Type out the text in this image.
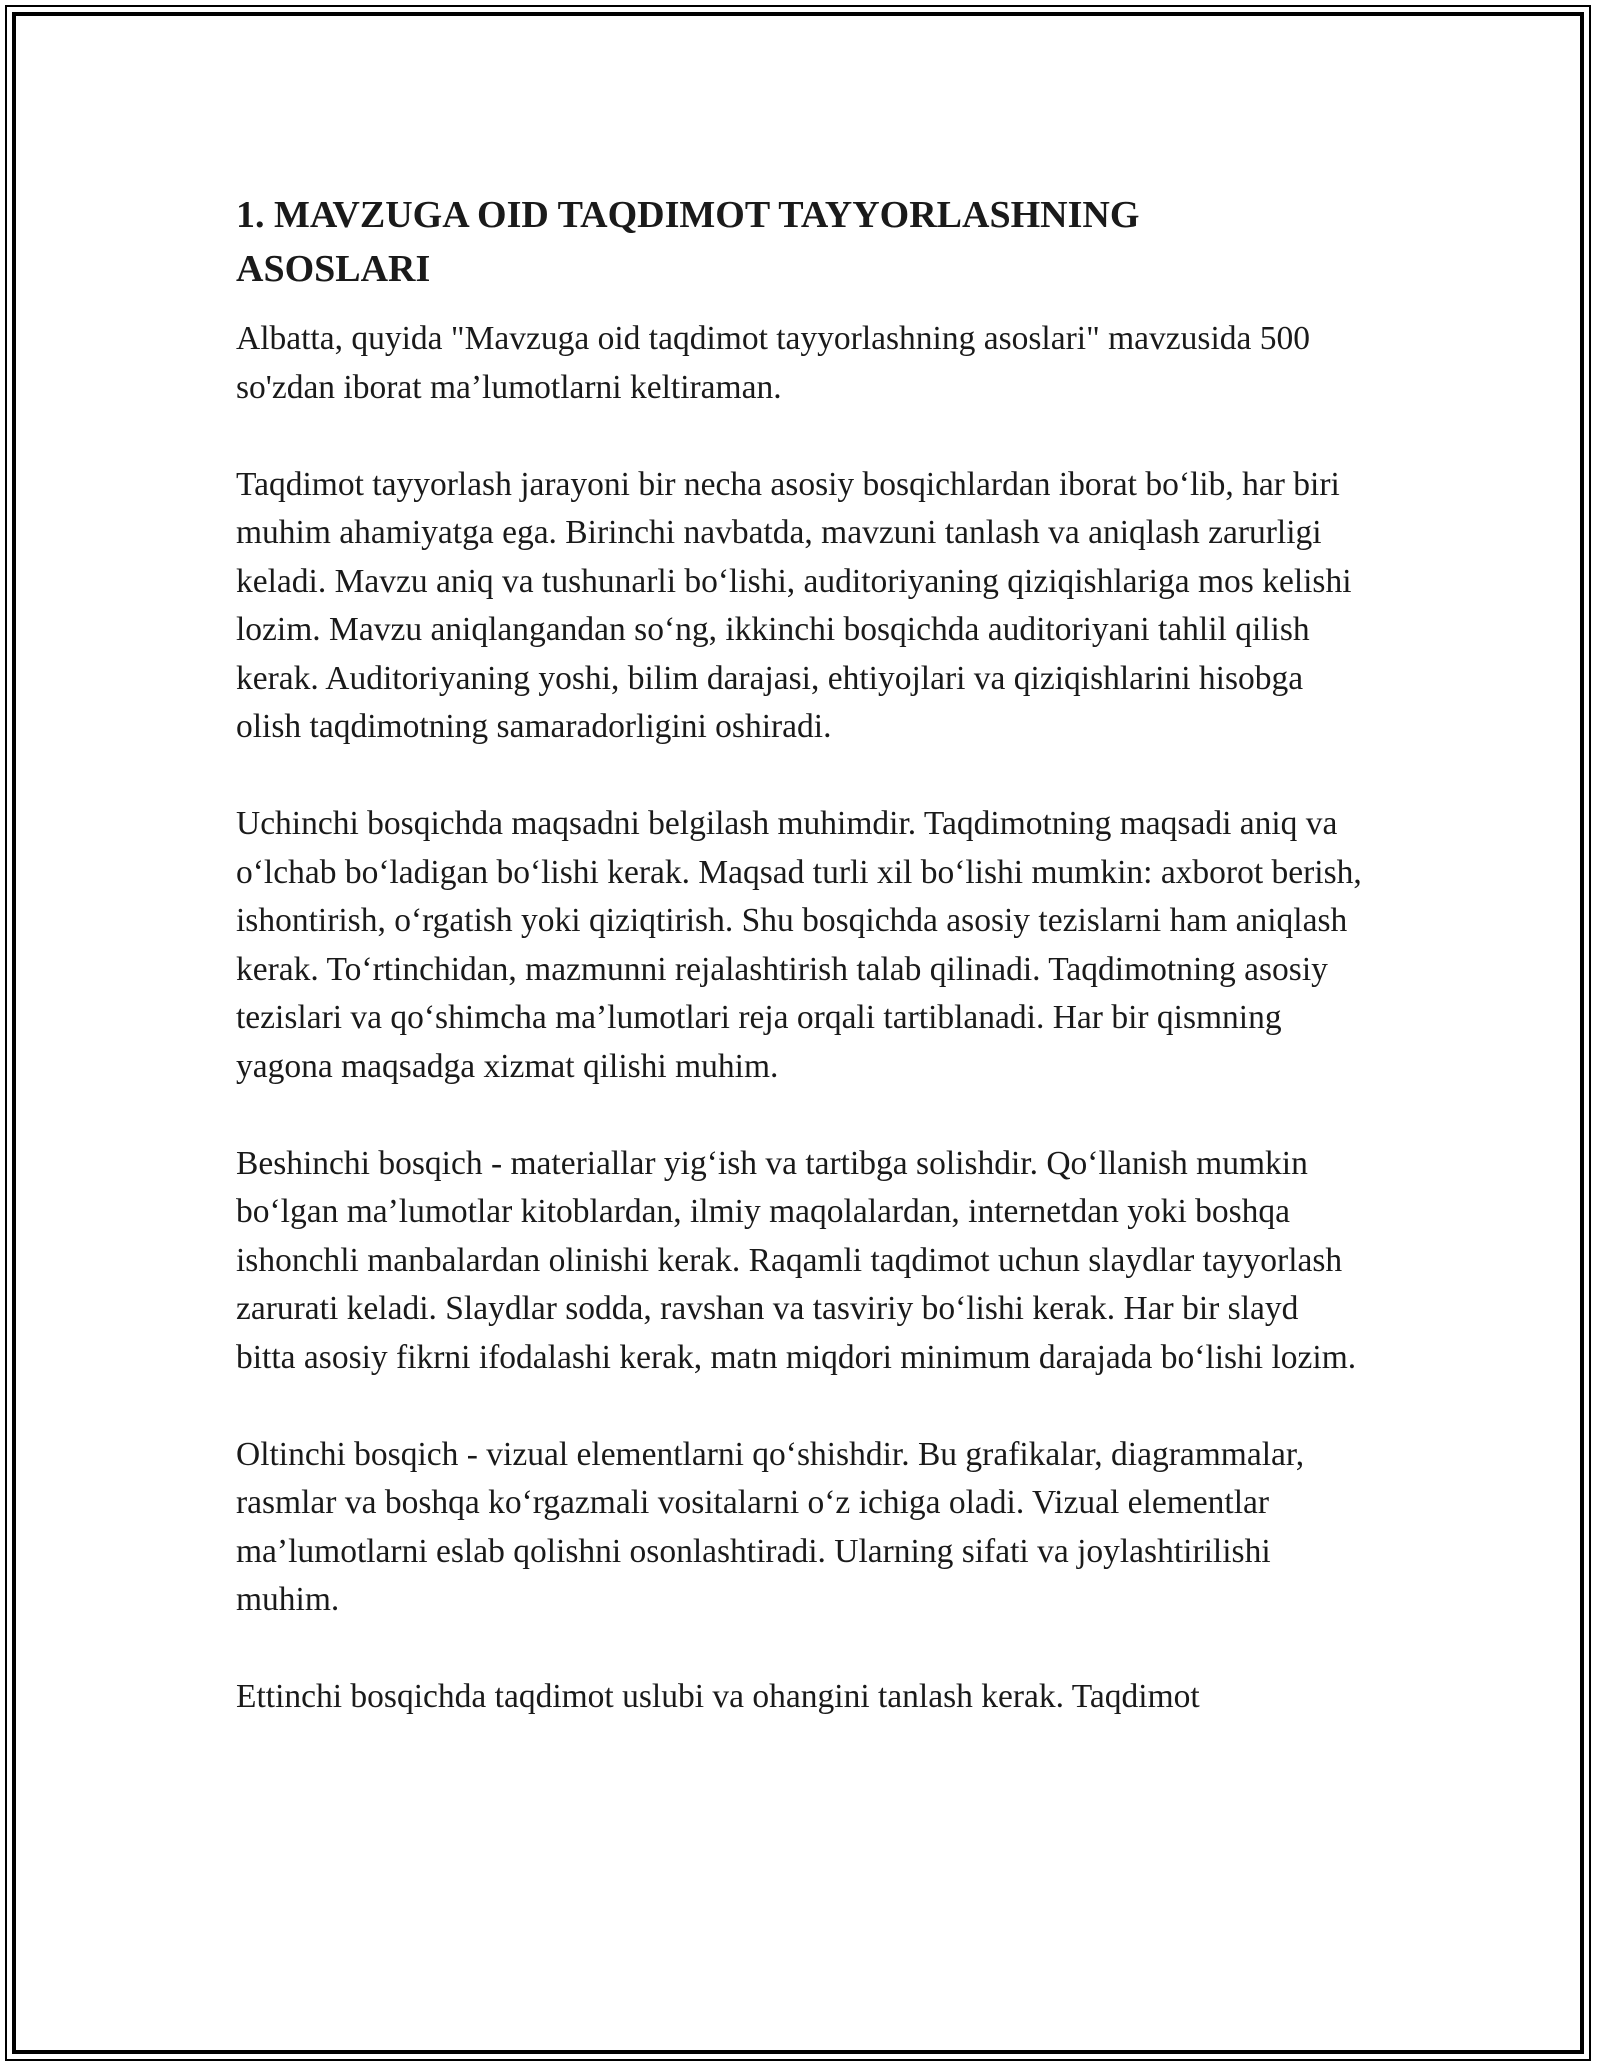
1. MAVZUGA OID TAQDIMOT TAYYORLASHNING ASOSLARI

Albatta, quyida "Mavzuga oid taqdimot tayyorlashning asoslari" mavzusida 500 so'zdan iborat ma’lumotlarni keltiraman.

Taqdimot tayyorlash jarayoni bir necha asosiy bosqichlardan iborat bo‘lib, har biri muhim ahamiyatga ega. Birinchi navbatda, mavzuni tanlash va aniqlash zarurligi keladi. Mavzu aniq va tushunarli bo‘lishi, auditoriyaning qiziqishlariga mos kelishi lozim. Mavzu aniqlangandan so‘ng, ikkinchi bosqichda auditoriyani tahlil qilish kerak. Auditoriyaning yoshi, bilim darajasi, ehtiyojlari va qiziqishlarini hisobga olish taqdimotning samaradorligini oshiradi.

Uchinchi bosqichda maqsadni belgilash muhimdir. Taqdimotning maqsadi aniq va o‘lchab bo‘ladigan bo‘lishi kerak. Maqsad turli xil bo‘lishi mumkin: axborot berish, ishontirish, o‘rgatish yoki qiziqtirish. Shu bosqichda asosiy tezislarni ham aniqlash kerak. To‘rtinchidan, mazmunni rejalashtirish talab qilinadi. Taqdimotning asosiy tezislari va qo‘shimcha ma’lumotlari reja orqali tartiblanadi. Har bir qismning yagona maqsadga xizmat qilishi muhim.

Beshinchi bosqich - materiallar yig‘ish va tartibga solishdir. Qo‘llanish mumkin bo‘lgan ma’lumotlar kitoblardan, ilmiy maqolalardan, internetdan yoki boshqa ishonchli manbalardan olinishi kerak. Raqamli taqdimot uchun slaydlar tayyorlash zarurati keladi. Slaydlar sodda, ravshan va tasviriy bo‘lishi kerak. Har bir slayd bitta asosiy fikrni ifodalashi kerak, matn miqdori minimum darajada bo‘lishi lozim.

Oltinchi bosqich - vizual elementlarni qo‘shishdir. Bu grafikalar, diagrammalar, rasmlar va boshqa ko‘rgazmali vositalarni o‘z ichiga oladi. Vizual elementlar ma’lumotlarni eslab qolishni osonlashtiradi. Ularning sifati va joylashtirilishi muhim.

Ettinchi bosqichda taqdimot uslubi va ohangini tanlash kerak. Taqdimot
